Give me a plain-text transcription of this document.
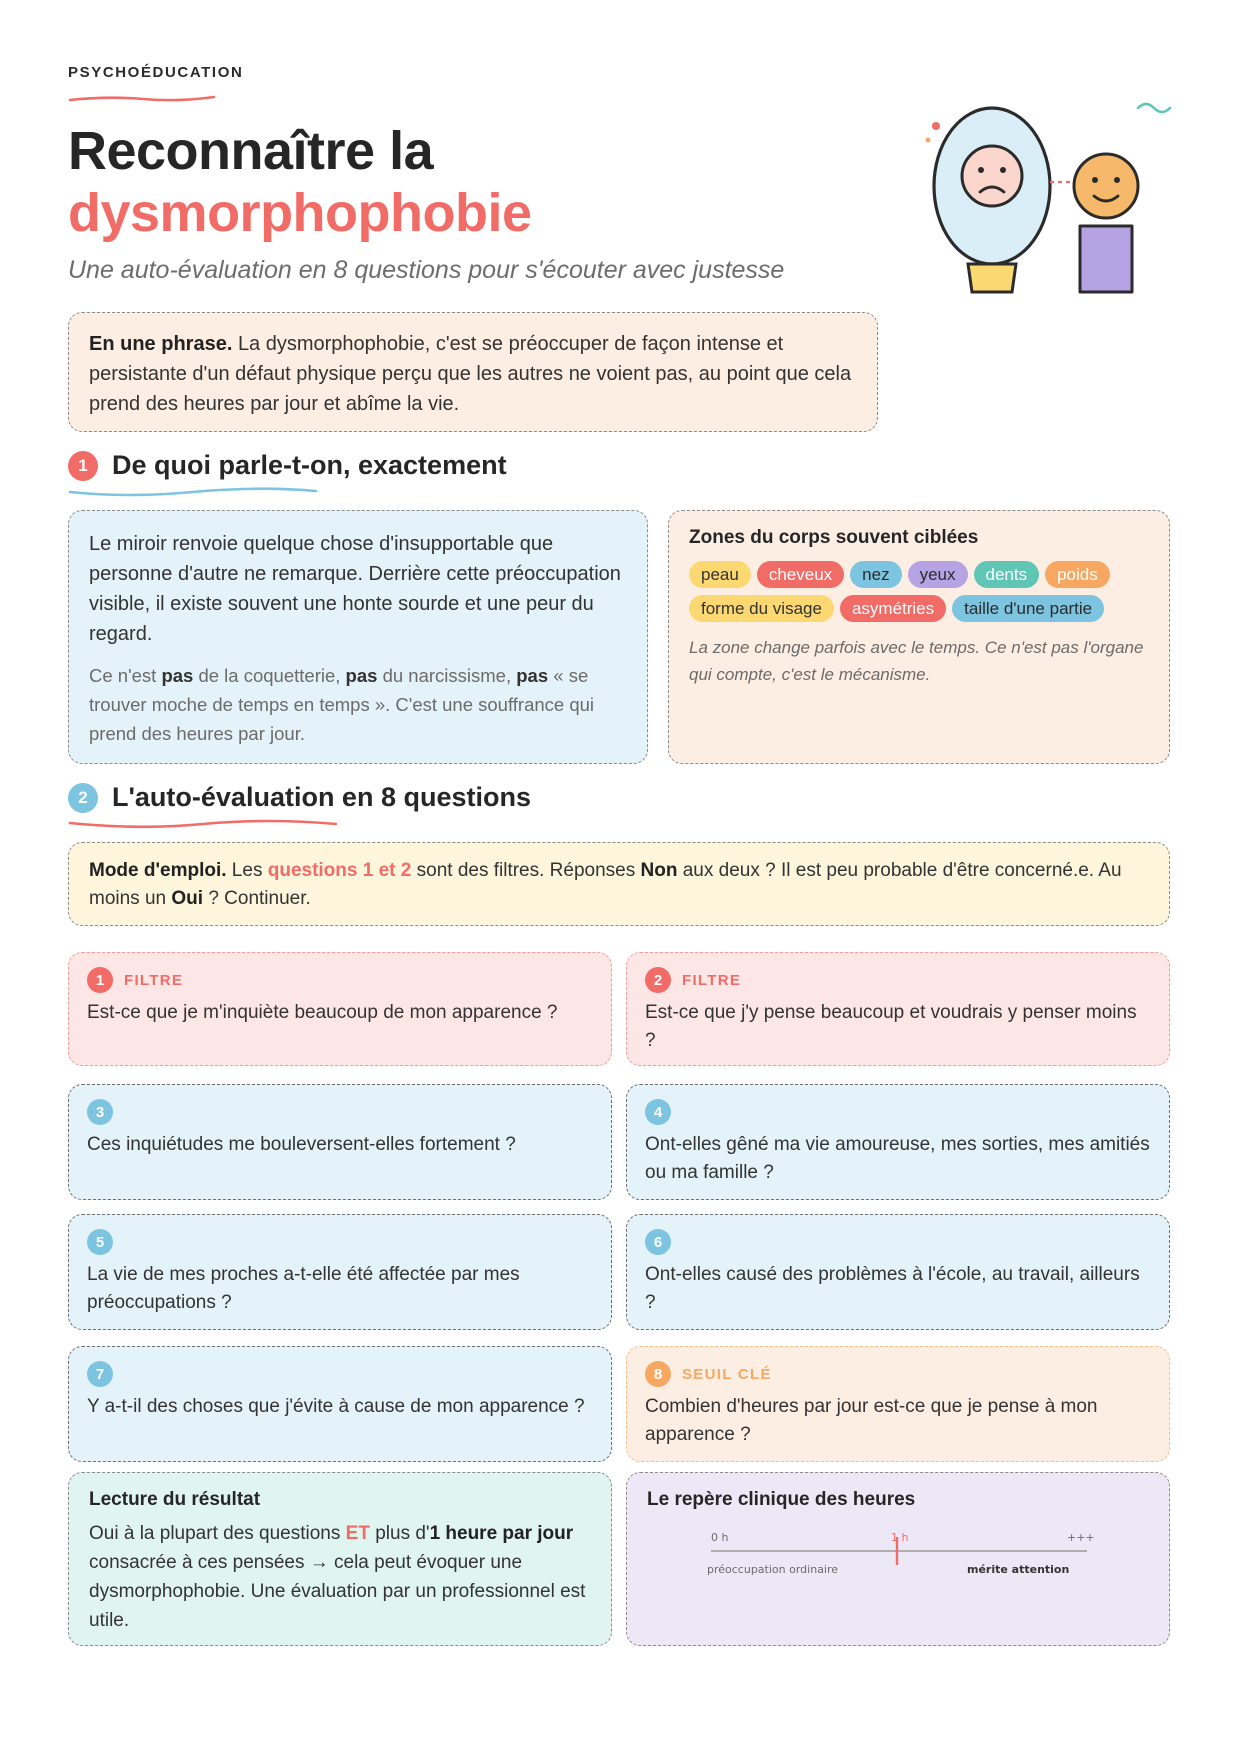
PSYCHOÉDUCATION
Reconnaître la
dysmorphophobie
Une auto-évaluation en 8 questions pour s'écouter avec justesse
En une phrase. La dysmorphophobie, c'est se préoccuper de façon intense et persistante d'un défaut physique perçu que les autres ne voient pas, au point que cela prend des heures par jour et abîme la vie.
1 De quoi parle-t-on, exactement

Le miroir renvoie quelque chose d'insupportable que personne d'autre ne remarque. Derrière cette préoccupation visible, il existe souvent une honte sourde et une peur du regard.

Ce n'est pas de la coquetterie, pas du narcissisme, pas « se trouver moche de temps en temps ». C'est une souffrance qui prend des heures par jour.

Zones du corps souvent ciblées
peau	cheveux	nez	yeux	dents	poids
forme du visage	asymétries	taille d'une partie

La zone change parfois avec le temps. Ce n'est pas l'organe qui compte, c'est le mécanisme.

2 L'auto-évaluation en 8 questions
Mode d'emploi. Les questions 1 et 2 sont des filtres. Réponses Non aux deux ? Il est peu probable d'être concerné.e. Au moins un Oui ? Continuer.
1	FILTRE
Est-ce que je m'inquiète beaucoup de mon apparence ?
2	FILTRE
Est-ce que j'y pense beaucoup et voudrais y penser moins ?
3
Ces inquiétudes me bouleversent-elles fortement ?
4
Ont-elles gêné ma vie amoureuse, mes sorties, mes amitiés ou ma famille ?
5
La vie de mes proches a-t-elle été affectée par mes préoccupations ?
6
Ont-elles causé des problèmes à l'école, au travail, ailleurs ?
7
Y a-t-il des choses que j'évite à cause de mon apparence ?
8	SEUIL CLÉ
Combien d'heures par jour est-ce que je pense à mon apparence ?
Lecture du résultat

Oui à la plupart des questions ET plus d'1 heure par jour consacrée à ces pensées → cela peut évoquer une dysmorphophobie. Une évaluation par un professionnel est utile.

Le repère clinique des heures
0 h	1 h	+++
préoccupation ordinaire	mérite attention
